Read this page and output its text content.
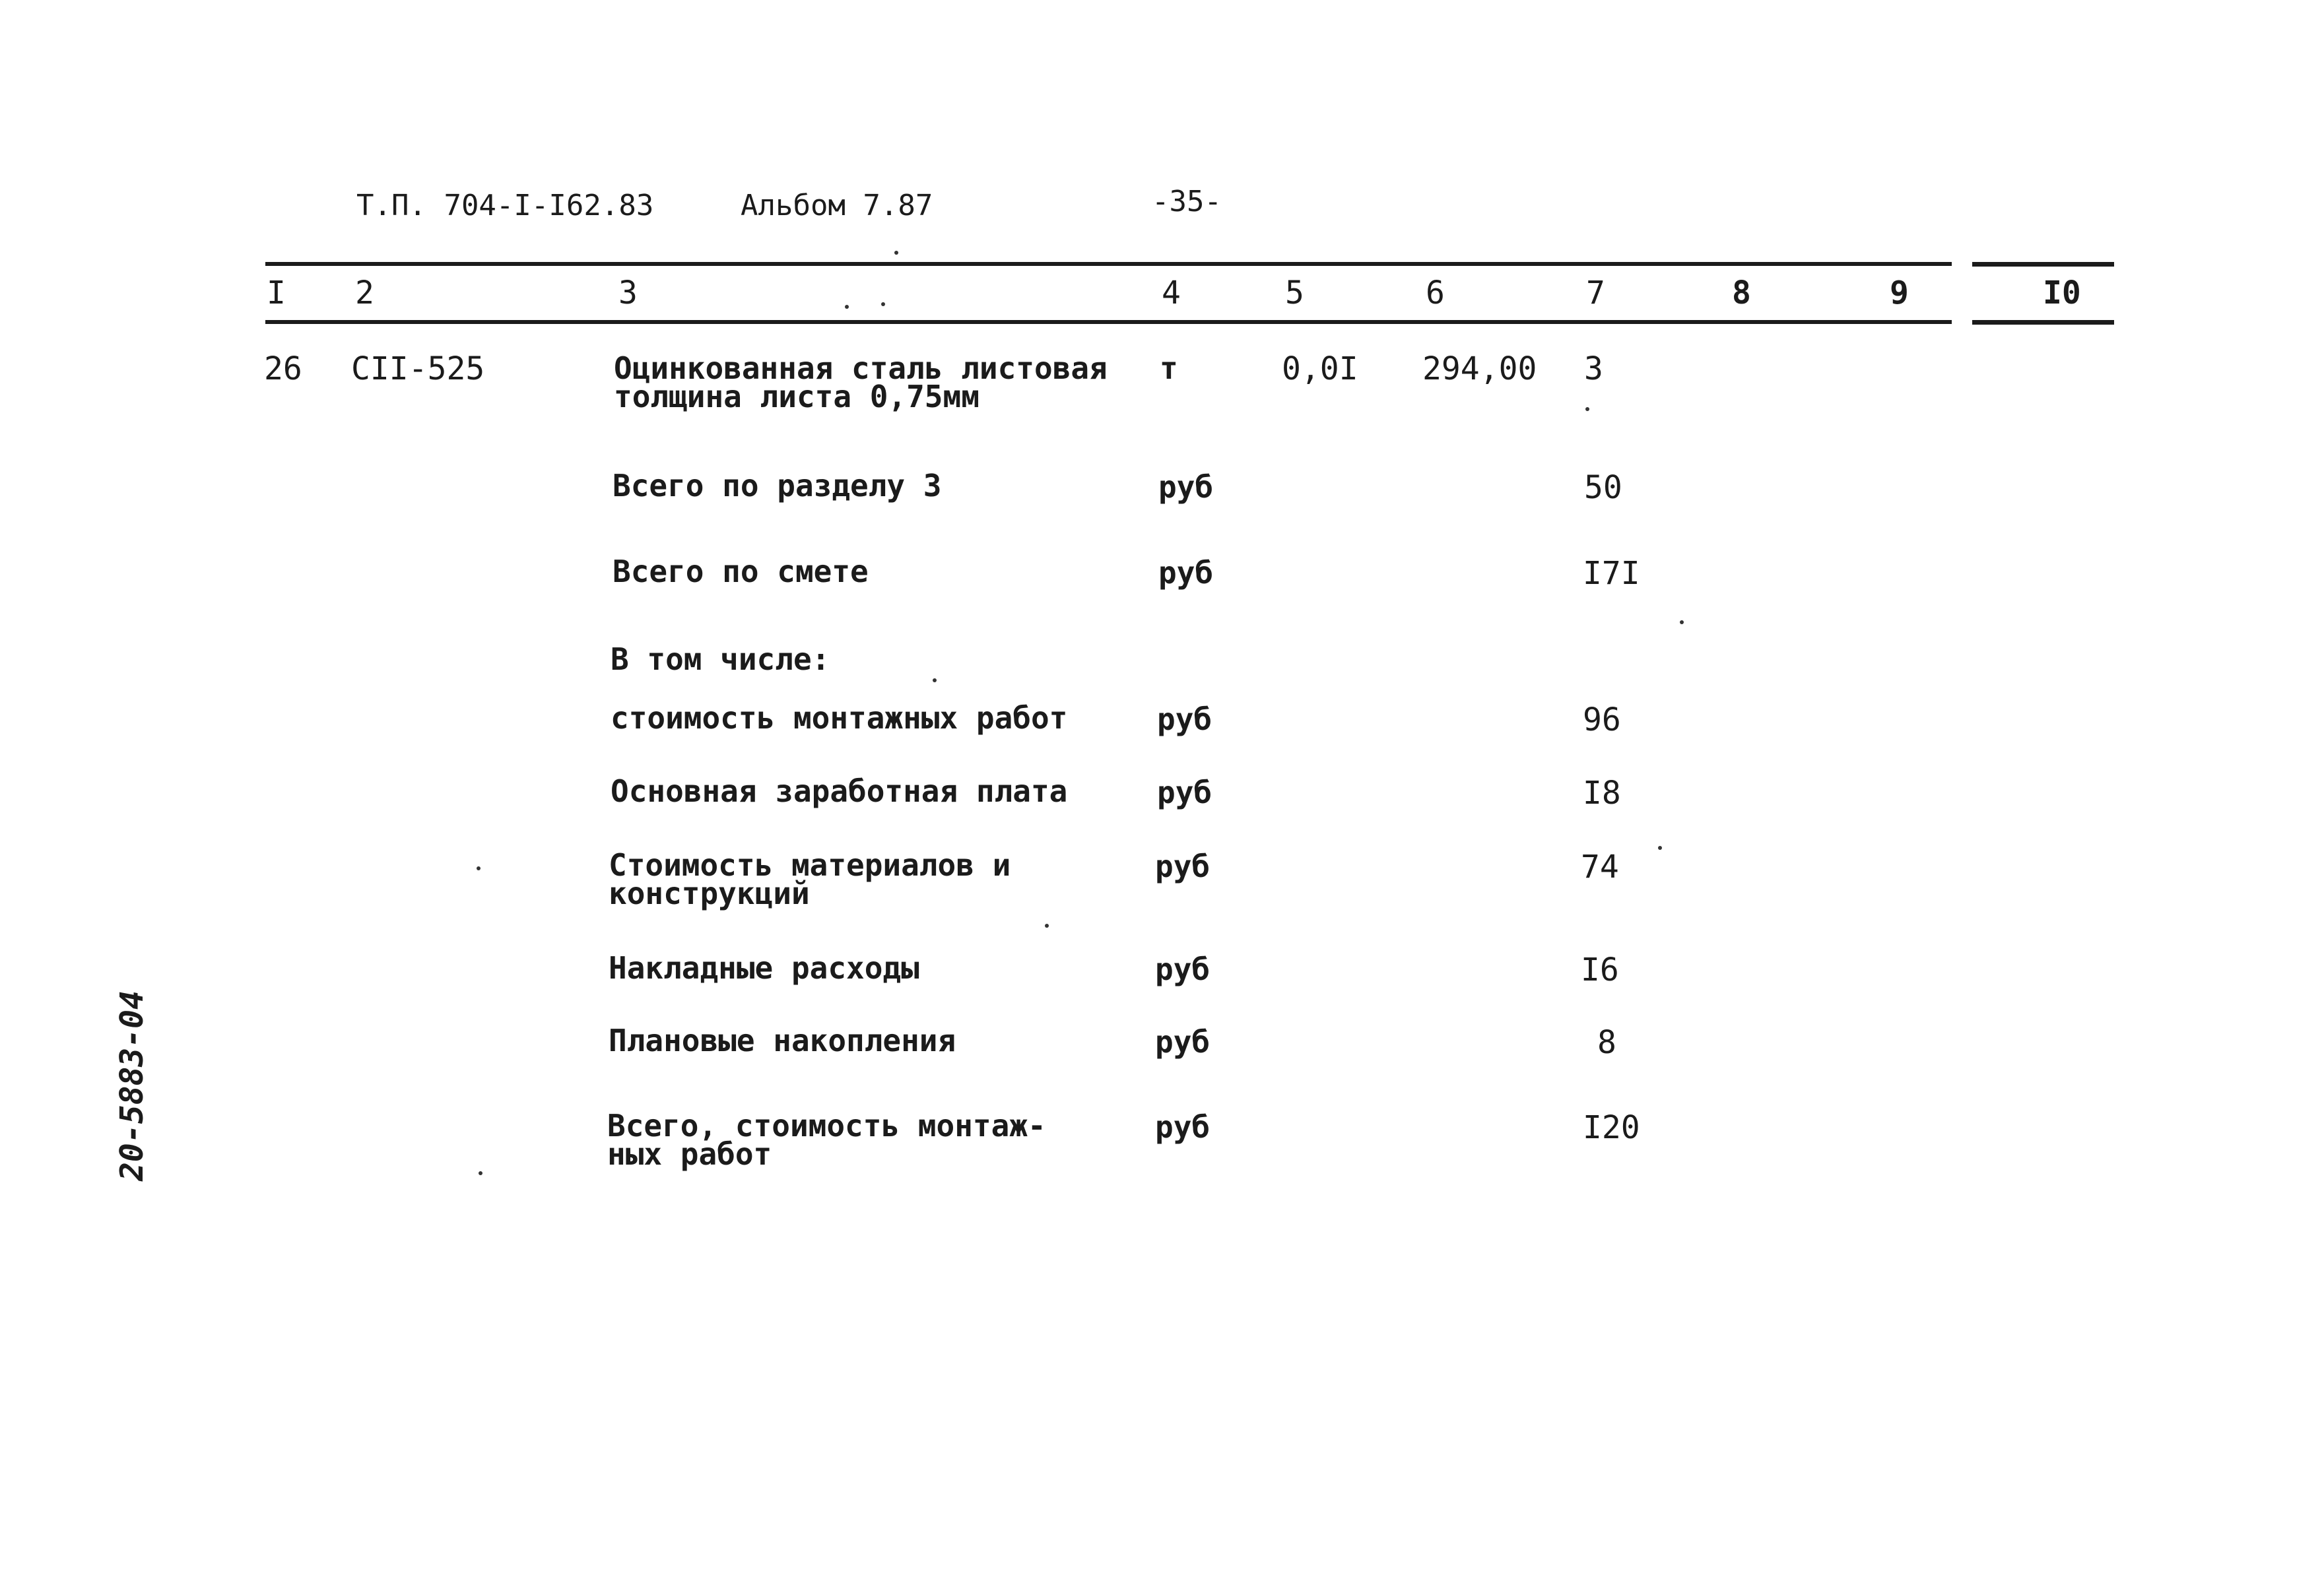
Т.П. 704-I-I62.83	Альбом 7.87	-35-
I 2	3	4	5	6	7	8	9	I0
26 СII-525	Оцинкованная сталь листовая
толщина листа 0,75мм
т	0,0I 294,00 3
Всего по разделу 3	руб	50
Всего по смете	руб	I7I
В том числе:
стоимость монтажных работ	руб	96
Основная заработная плата	руб	I8
Стоимость материалов и
конструкций
руб	74
Накладные расходы	руб	I6
Плановые накопления	руб	8
Всего, стоимость монтаж-
ных работ
руб	I20
20-5883-04
